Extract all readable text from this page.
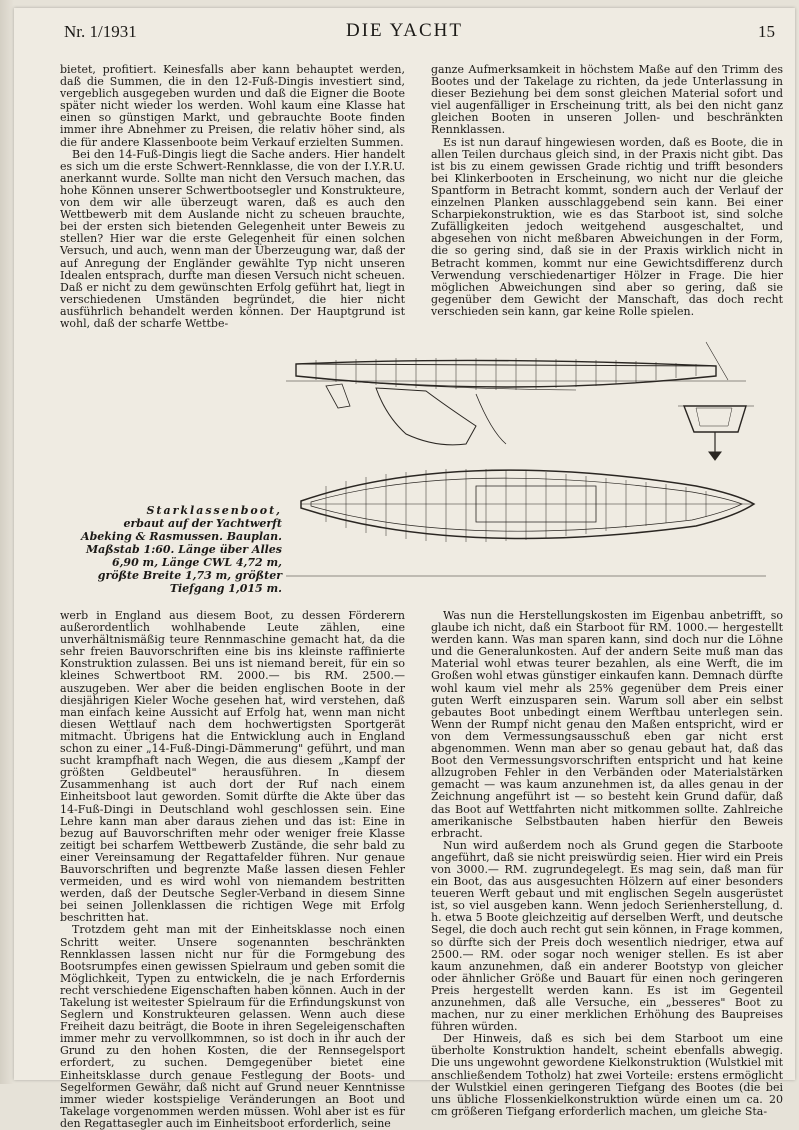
Nr. 1/1931	DIE YACHT	15

bietet, profitiert. Keinesfalls aber kann behauptet werden, daß die Summen, die in den 12-Fuß-Dingis investiert sind, vergeblich ausgegeben wurden und daß die Eigner die Boote später nicht wieder los werden. Wohl kaum eine Klasse hat einen so günstigen Markt, und gebrauchte Boote finden immer ihre Abnehmer zu Preisen, die relativ höher sind, als die für andere Klassenboote beim Verkauf erzielten Summen.

Bei den 14-Fuß-Dingis liegt die Sache anders. Hier handelt es sich um die erste Schwert-Rennklasse, die von der I.Y.R.U. anerkannt wurde. Sollte man nicht den Versuch machen, das hohe Können unserer Schwertbootsegler und Konstrukteure, von dem wir alle überzeugt waren, daß es auch den Wettbewerb mit dem Auslande nicht zu scheuen brauchte, bei der ersten sich bietenden Gelegenheit unter Beweis zu stellen? Hier war die erste Gelegenheit für einen solchen Versuch, und auch, wenn man der Überzeugung war, daß der auf Anregung der Engländer gewählte Typ nicht unseren Idealen entsprach, durfte man diesen Versuch nicht scheuen. Daß er nicht zu dem gewünschten Erfolg geführt hat, liegt in verschiedenen Umständen begründet, die hier nicht ausführlich behandelt werden können. Der Hauptgrund ist wohl, daß der scharfe Wettbe-

ganze Aufmerksamkeit in höchstem Maße auf den Trimm des Bootes und der Takelage zu richten, da jede Unterlassung in dieser Beziehung bei dem sonst gleichen Material sofort und viel augenfälliger in Erscheinung tritt, als bei den nicht ganz gleichen Booten in unseren Jollen- und beschränkten Rennklassen.

Es ist nun darauf hingewiesen worden, daß es Boote, die in allen Teilen durchaus gleich sind, in der Praxis nicht gibt. Das ist bis zu einem gewissen Grade richtig und trifft besonders bei Klinkerbooten in Erscheinung, wo nicht nur die gleiche Spantform in Betracht kommt, sondern auch der Verlauf der einzelnen Planken ausschlaggebend sein kann. Bei einer Scharpiekonstruktion, wie es das Starboot ist, sind solche Zufälligkeiten jedoch weitgehend ausgeschaltet, und abgesehen von nicht meßbaren Abweichungen in der Form, die so gering sind, daß sie in der Praxis wirklich nicht in Betracht kommen, kommt nur eine Gewichtsdifferenz durch Verwendung verschiedenartiger Hölzer in Frage. Die hier möglichen Abweichungen sind aber so gering, daß sie gegenüber dem Gewicht der Manschaft, das doch recht verschieden sein kann, gar keine Rolle spielen.

Starklassenboot,
erbaut auf der Yachtwerft Abeking & Rasmussen. Bauplan. Maßstab 1:60. Länge über Alles 6,90 m, Länge CWL 4,72 m, größte Breite 1,73 m, größter Tiefgang 1,015 m.

werb in England aus diesem Boot, zu dessen Förderern außerordentlich wohlhabende Leute zählen, eine unverhältnismäßig teure Rennmaschine gemacht hat, da die sehr freien Bauvorschriften eine bis ins kleinste raffinierte Konstruktion zulassen. Bei uns ist niemand bereit, für ein so kleines Schwertboot RM. 2000.— bis RM. 2500.— auszugeben. Wer aber die beiden englischen Boote in der diesjährigen Kieler Woche gesehen hat, wird verstehen, daß man einfach keine Aussicht auf Erfolg hat, wenn man nicht diesen Wettlauf nach dem hochwertigsten Sportgerät mitmacht. Übrigens hat die Entwicklung auch in England schon zu einer „14-Fuß-Dingi-Dämmerung" geführt, und man sucht krampfhaft nach Wegen, die aus diesem „Kampf der größten Geldbeutel" herausführen. In diesem Zusammenhang ist auch dort der Ruf nach einem Einheitsboot laut geworden. Somit dürfte die Akte über das 14-Fuß-Dingi in Deutschland wohl geschlossen sein. Eine Lehre kann man aber daraus ziehen und das ist: Eine in bezug auf Bauvorschriften mehr oder weniger freie Klasse zeitigt bei scharfem Wettbewerb Zustände, die sehr bald zu einer Vereinsamung der Regattafelder führen. Nur genaue Bauvorschriften und begrenzte Maße lassen diesen Fehler vermeiden, und es wird wohl von niemandem bestritten werden, daß der Deutsche Segler-Verband in diesem Sinne bei seinen Jollenklassen die richtigen Wege mit Erfolg beschritten hat.

Trotzdem geht man mit der Einheitsklasse noch einen Schritt weiter. Unsere sogenannten beschränkten Rennklassen lassen nicht nur für die Formgebung des Bootsrumpfes einen gewissen Spielraum und geben somit die Möglichkeit, Typen zu entwickeln, die je nach Erfordernis recht verschiedene Eigenschaften haben können. Auch in der Takelung ist weitester Spielraum für die Erfindungskunst von Seglern und Konstrukteuren gelassen. Wenn auch diese Freiheit dazu beiträgt, die Boote in ihren Segeleigenschaften immer mehr zu vervollkommnen, so ist doch in ihr auch der Grund zu den hohen Kosten, die der Rennsegelsport erfordert, zu suchen. Demgegenüber bietet eine Einheitsklasse durch genaue Festlegung der Boots- und Segelformen Gewähr, daß nicht auf Grund neuer Kenntnisse immer wieder kostspielige Veränderungen an Boot und Takelage vorgenommen werden müssen. Wohl aber ist es für den Regattasegler auch im Einheitsboot erforderlich, seine

Was nun die Herstellungskosten im Eigenbau anbetrifft, so glaube ich nicht, daß ein Starboot für RM. 1000.— hergestellt werden kann. Was man sparen kann, sind doch nur die Löhne und die Generalunkosten. Auf der andern Seite muß man das Material wohl etwas teurer bezahlen, als eine Werft, die im Großen wohl etwas günstiger einkaufen kann. Demnach dürfte wohl kaum viel mehr als 25% gegenüber dem Preis einer guten Werft einzusparen sein. Warum soll aber ein selbst gebautes Boot unbedingt einem Werftbau unterlegen sein. Wenn der Rumpf nicht genau den Maßen entspricht, wird er von dem Vermessungsausschuß eben gar nicht erst abgenommen. Wenn man aber so genau gebaut hat, daß das Boot den Vermessungsvorschriften entspricht und hat keine allzugroben Fehler in den Verbänden oder Materialstärken gemacht — was kaum anzunehmen ist, da alles genau in der Zeichnung angeführt ist — so besteht kein Grund dafür, daß das Boot auf Wettfahrten nicht mitkommen sollte. Zahlreiche amerikanische Selbstbauten haben hierfür den Beweis erbracht.

Nun wird außerdem noch als Grund gegen die Starboote angeführt, daß sie nicht preiswürdig seien. Hier wird ein Preis von 3000.— RM. zugrundegelegt. Es mag sein, daß man für ein Boot, das aus ausgesuchten Hölzern auf einer besonders teueren Werft gebaut und mit englischen Segeln ausgerüstet ist, so viel ausgeben kann. Wenn jedoch Serienherstellung, d. h. etwa 5 Boote gleichzeitig auf derselben Werft, und deutsche Segel, die doch auch recht gut sein können, in Frage kommen, so dürfte sich der Preis doch wesentlich niedriger, etwa auf 2500.— RM. oder sogar noch weniger stellen. Es ist aber kaum anzunehmen, daß ein anderer Bootstyp von gleicher oder ähnlicher Größe und Bauart für einen noch geringeren Preis hergestellt werden kann. Es ist im Gegenteil anzunehmen, daß alle Versuche, ein „besseres" Boot zu machen, nur zu einer merklichen Erhöhung des Baupreises führen würden.

Der Hinweis, daß es sich bei dem Starboot um eine überholte Konstruktion handelt, scheint ebenfalls abwegig. Die uns ungewohnt gewordene Kielkonstruktion (Wulstkiel mit anschließendem Totholz) hat zwei Vorteile: erstens ermöglicht der Wulstkiel einen geringeren Tiefgang des Bootes (die bei uns übliche Flossenkielkonstruktion würde einen um ca. 20 cm größeren Tiefgang erforderlich machen, um gleiche Sta-
